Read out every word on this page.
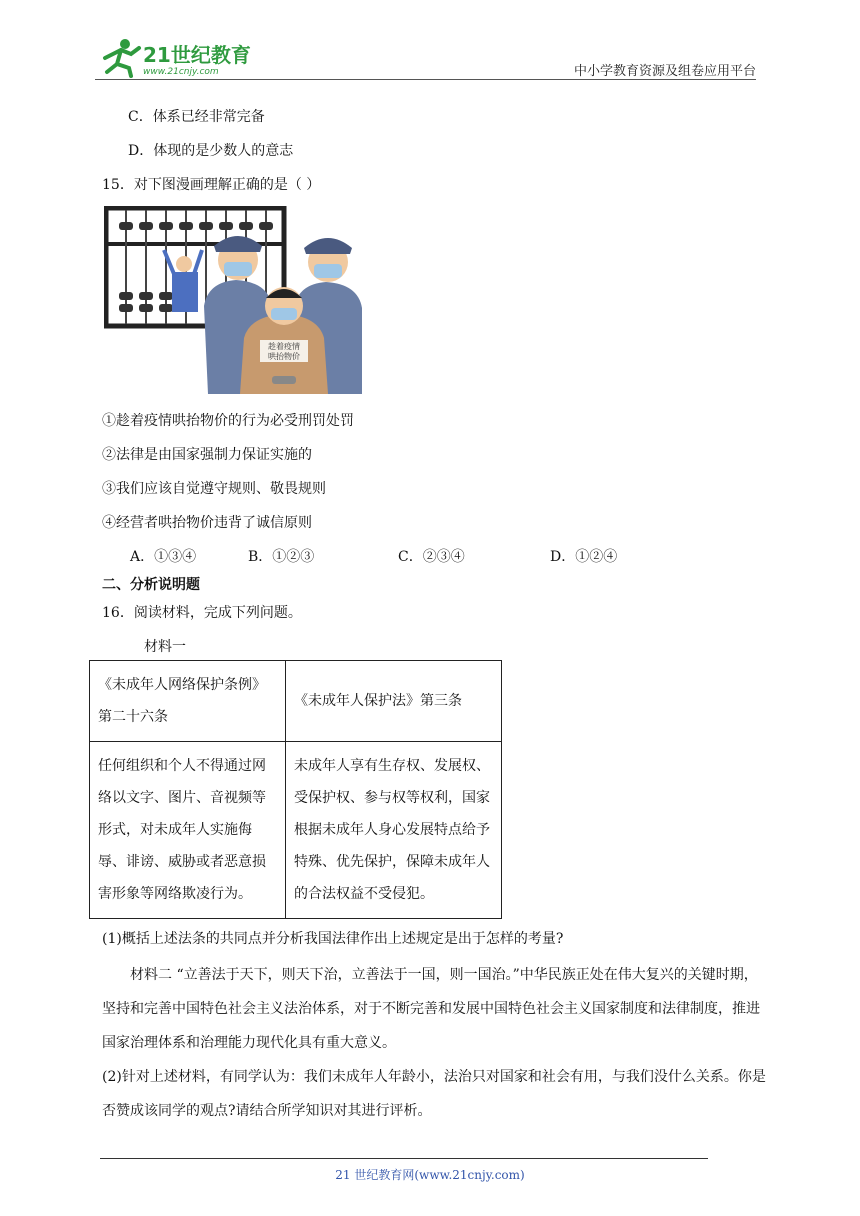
21世纪教育
www.21cnjy.com	中小学教育资源及组卷应用平台
C．体系已经非常完备
D．体现的是少数人的意志
15．对下图漫画理解正确的是（ ）
趁着疫情
哄抬物价
①趁着疫情哄抬物价的行为必受刑罚处罚
②法律是由国家强制力保证实施的
③我们应该自觉遵守规则、敬畏规则
④经营者哄抬物价违背了诚信原则
A．①③④	B．①②③	C．②③④	D．①②④
二、分析说明题
16．阅读材料，完成下列问题。
材料一
《未成年人网络保护条例》第二十六条	《未成年人保护法》第三条
任何组织和个人不得通过网络以文字、图片、音视频等形式，对未成年人实施侮辱、诽谤、威胁或者恶意损害形象等网络欺凌行为。	未成年人享有生存权、发展权、受保护权、参与权等权利，国家根据未成年人身心发展特点给予特殊、优先保护，保障未成年人的合法权益不受侵犯。
(1)概括上述法条的共同点并分析我国法律作出上述规定是出于怎样的考量?
材料二 “立善法于天下，则天下治，立善法于一国，则一国治。”中华民族正处在伟大复兴的关键时期，坚持和完善中国特色社会主义法治体系，对于不断完善和发展中国特色社会主义国家制度和法律制度，推进国家治理体系和治理能力现代化具有重大意义。
(2)针对上述材料，有同学认为：我们未成年人年龄小，法治只对国家和社会有用，与我们没什么关系。你是否赞成该同学的观点?请结合所学知识对其进行评析。
21 世纪教育网(www.21cnjy.com)
